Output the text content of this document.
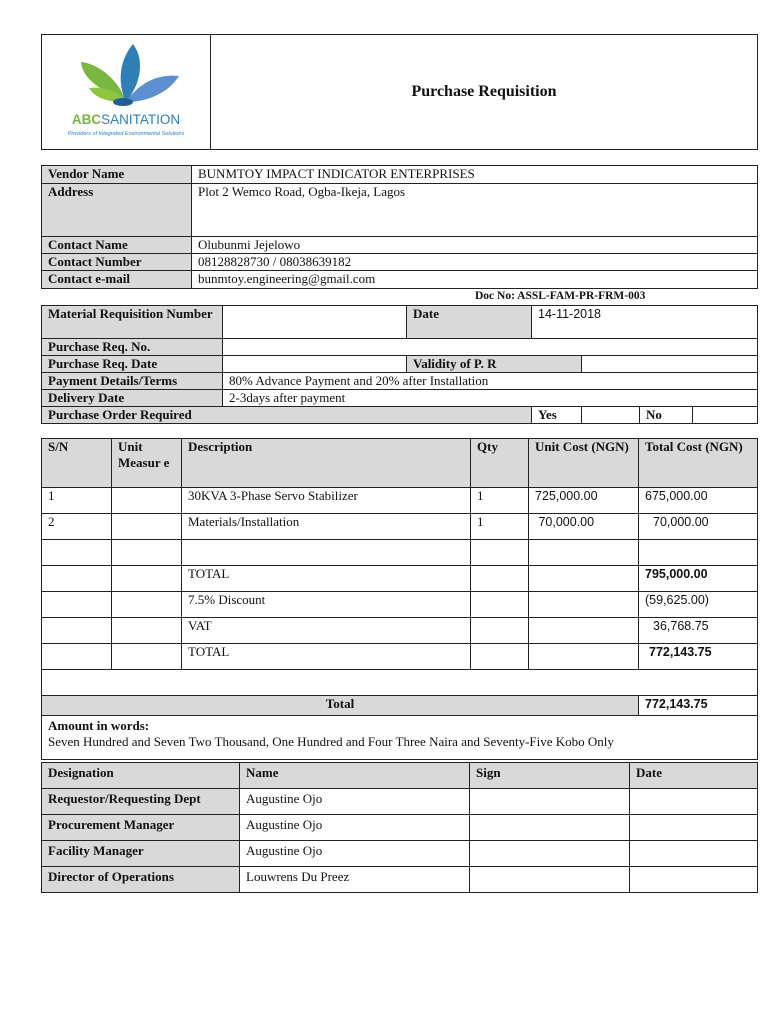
ABCSANITATION
Providers of Integrated Environmental Solutions
	Purchase Requisition
Vendor Name	BUNMTOY IMPACT INDICATOR ENTERPRISES
Address	Plot 2 Wemco Road, Ogba-Ikeja, Lagos
Contact Name	Olubunmi Jejelowo
Contact Number	08128828730 / 08038639182
Contact e-mail	bunmtoy.engineering@gmail.com
Doc No: ASSL-FAM-PR-FRM-003
Material Requisition Number		Date	14-11-2018			
Purchase Req. No.						
Purchase Req. Date		Validity of P. R				
Payment Details/Terms	80% Advance Payment and 20% after Installation					
Delivery Date	2-3days after payment					
Purchase Order Required			Yes		No	
S/N	Unit Measur e	Description	Qty	Unit Cost (NGN)	Total Cost (NGN)
1		30KVA 3-Phase Servo Stabilizer	1	725,000.00	675,000.00
2		Materials/Installation	1	70,000.00	70,000.00

		TOTAL			795,000.00
		7.5% Discount			(59,625.00)
		VAT			36,768.75
		TOTAL			772,143.75

Total					772,143.75

Amount in words:
Seven Hundred and Seven Two Thousand, One Hundred and Four Three Naira and Seventy-Five Kobo Only					
Designation	Name	Sign	Date
Requestor/Requesting Dept	Augustine Ojo		
Procurement Manager	Augustine Ojo		
Facility Manager	Augustine Ojo		
Director of Operations	Louwrens Du Preez		
